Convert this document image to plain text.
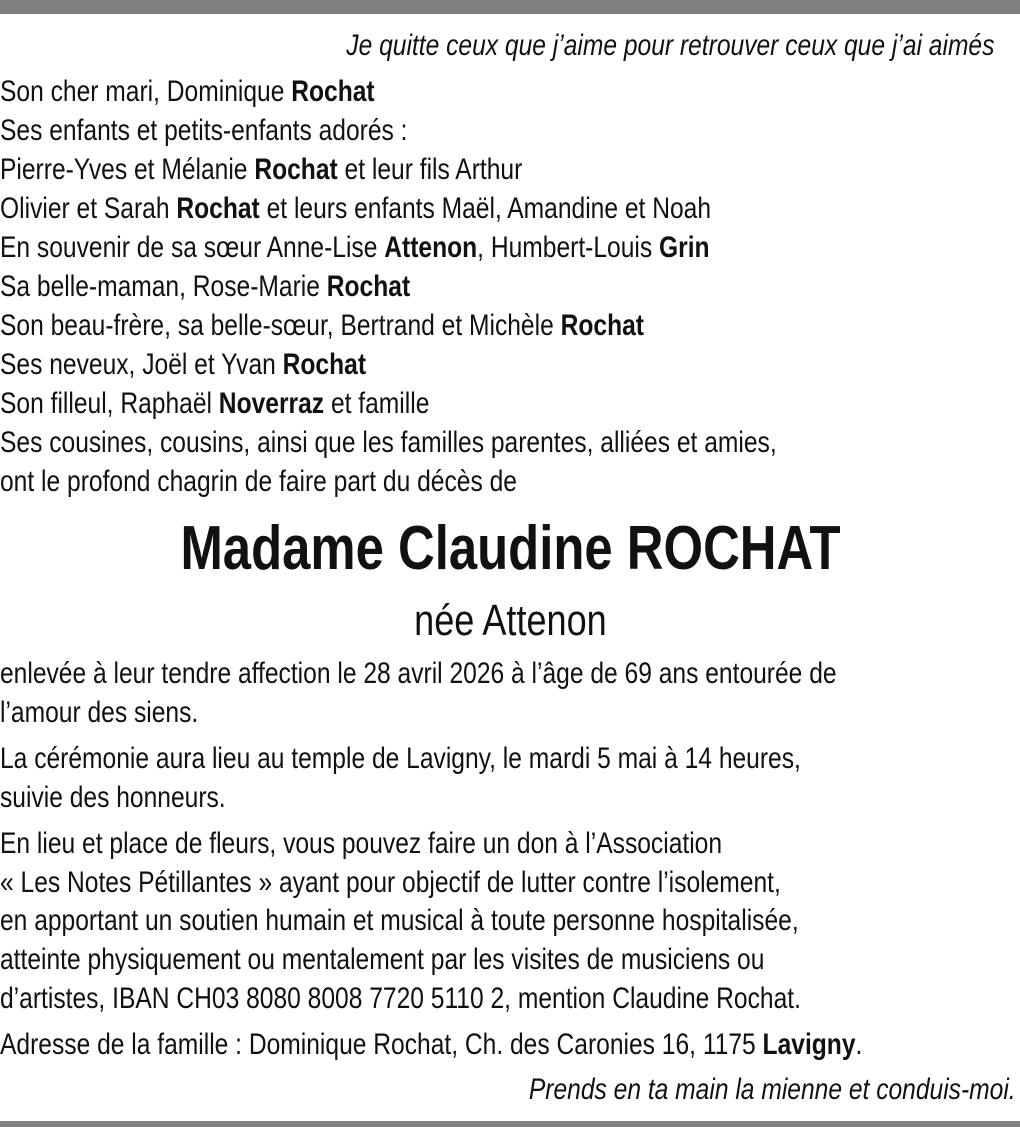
Je quitte ceux que j’aime pour retrouver ceux que j’ai aimés
Son cher mari, Dominique Rochat
Ses enfants et petits-enfants adorés :
Pierre-Yves et Mélanie Rochat et leur fils Arthur
Olivier et Sarah Rochat et leurs enfants Maël, Amandine et Noah
En souvenir de sa sœur Anne-Lise Attenon, Humbert-Louis Grin
Sa belle-maman, Rose-Marie Rochat
Son beau-frère, sa belle-sœur, Bertrand et Michèle Rochat
Ses neveux, Joël et Yvan Rochat
Son filleul, Raphaël Noverraz et famille
Ses cousines, cousins, ainsi que les familles parentes, alliées et amies,
ont le profond chagrin de faire part du décès de
Madame Claudine ROCHAT
née Attenon
enlevée à leur tendre affection le 28 avril 2026 à l’âge de 69 ans entourée de
l’amour des siens.
La cérémonie aura lieu au temple de Lavigny, le mardi 5 mai à 14 heures,
suivie des honneurs.
En lieu et place de fleurs, vous pouvez faire un don à l’Association
« Les Notes Pétillantes » ayant pour objectif de lutter contre l’isolement,
en apportant un soutien humain et musical à toute personne hospitalisée,
atteinte physiquement ou mentalement par les visites de musiciens ou
d’artistes, IBAN CH03 8080 8008 7720 5110 2, mention Claudine Rochat.
Adresse de la famille : Dominique Rochat, Ch. des Caronies 16, 1175 Lavigny.
Prends en ta main la mienne et conduis-moi.
